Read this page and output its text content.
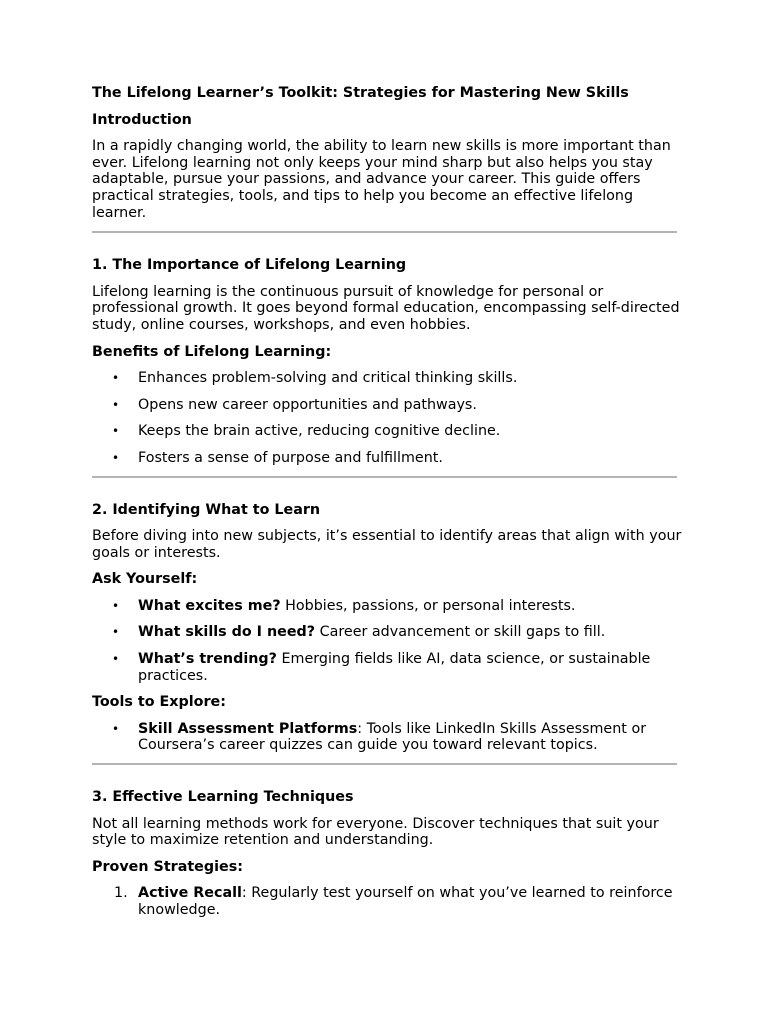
The Lifelong Learner’s Toolkit: Strategies for Mastering New Skills
Introduction

In a rapidly changing world, the ability to learn new skills is more important than ever. Lifelong learning not only keeps your mind sharp but also helps you stay adaptable, pursue your passions, and advance your career. This guide offers practical strategies, tools, and tips to help you become an effective lifelong learner.

1. The Importance of Lifelong Learning

Lifelong learning is the continuous pursuit of knowledge for personal or professional growth. It goes beyond formal education, encompassing self-directed study, online courses, workshops, and even hobbies.

Benefits of Lifelong Learning:
• Enhances problem-solving and critical thinking skills.
• Opens new career opportunities and pathways.
• Keeps the brain active, reducing cognitive decline.
• Fosters a sense of purpose and fulfillment.
2. Identifying What to Learn

Before diving into new subjects, it’s essential to identify areas that align with your goals or interests.

Ask Yourself:
• What excites me? Hobbies, passions, or personal interests.
• What skills do I need? Career advancement or skill gaps to fill.
• What’s trending? Emerging fields like AI, data science, or sustainable practices.
Tools to Explore:
• Skill Assessment Platforms: Tools like LinkedIn Skills Assessment or Coursera’s career quizzes can guide you toward relevant topics.
3. Effective Learning Techniques

Not all learning methods work for everyone. Discover techniques that suit your style to maximize retention and understanding.

Proven Strategies:
1. Active Recall: Regularly test yourself on what you’ve learned to reinforce knowledge.
